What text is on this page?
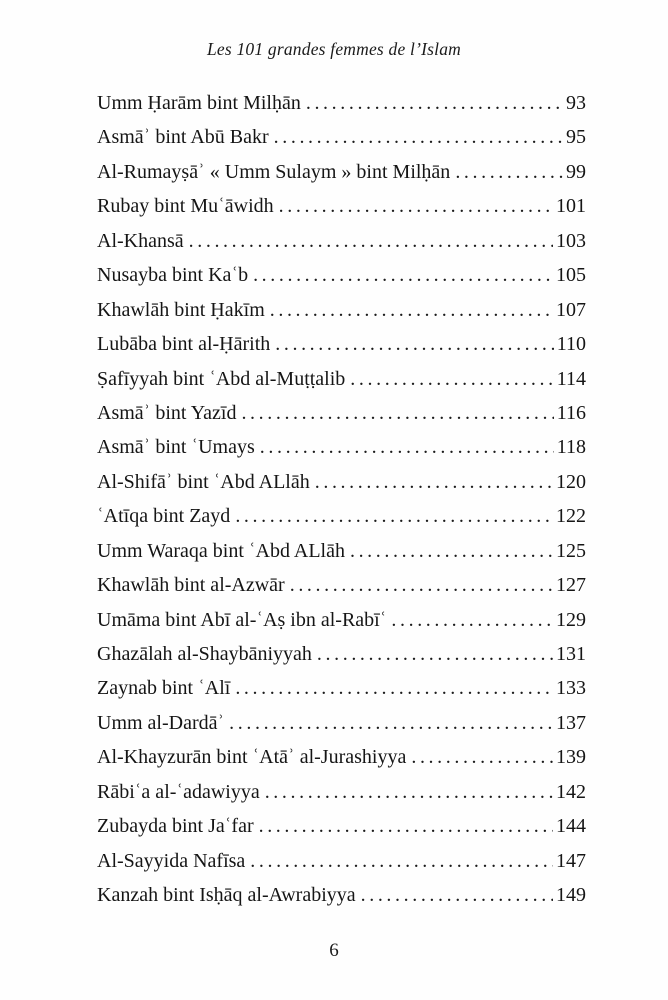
Les 101 grandes femmes de l’Islam
Umm Ḥarām bint Milḥān .....	93
Asmāʾ bint Abū Bakr .....	95
Al-Rumayṣāʾ « Umm Sulaym » bint Milḥān .....	99
Rubay bint Muʿāwidh .....	101
Al-Khansā .....	103
Nusayba bint Kaʿb .....	105
Khawlāh bint Ḥakīm .....	107
Lubāba bint al-Ḥārith .....	110
Ṣafīyyah bint ʿAbd al-Muṭṭalib .....	114
Asmāʾ bint Yazīd .....	116
Asmāʾ bint ʿUmays .....	118
Al-Shifāʾ bint ʿAbd ALlāh .....	120
ʿAtīqa bint Zayd .....	122
Umm Waraqa bint ʿAbd ALlāh .....	125
Khawlāh bint al-Azwār .....	127
Umāma bint Abī al-ʿAṣ ibn al-Rabīʿ .....	129
Ghazālah al-Shaybāniyyah .....	131
Zaynab bint ʿAlī .....	133
Umm al-Dardāʾ .....	137
Al-Khayzurān bint ʿAtāʾ al-Jurashiyya .....	139
Rābiʿa al-ʿadawiyya .....	142
Zubayda bint Jaʿfar .....	144
Al-Sayyida Nafīsa .....	147
Kanzah bint Isḥāq al-Awrabiyya .....	149
6
